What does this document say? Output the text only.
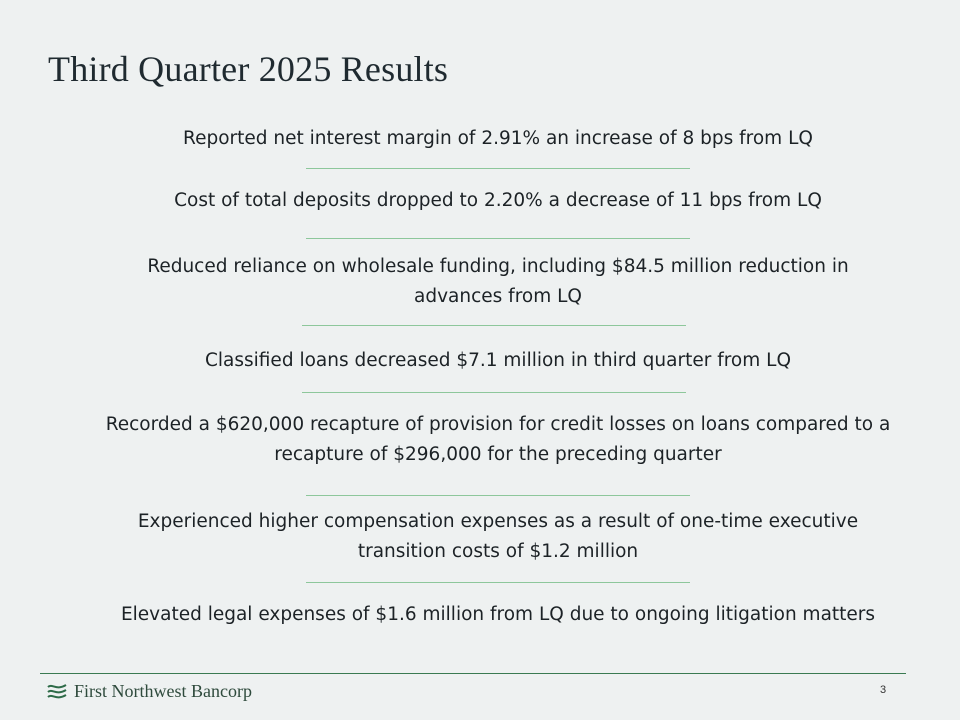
Third Quarter 2025 Results
Reported net interest margin of 2.91% an increase of 8 bps from LQ
Cost of total deposits dropped to 2.20% a decrease of 11 bps from LQ
Reduced reliance on wholesale funding, including $84.5 million reduction in
advances from LQ
Classified loans decreased $7.1 million in third quarter from LQ
Recorded a $620,000 recapture of provision for credit losses on loans compared to a
recapture of $296,000 for the preceding quarter
Experienced higher compensation expenses as a result of one-time executive
transition costs of $1.2 million
Elevated legal expenses of $1.6 million from LQ due to ongoing litigation matters
First Northwest Bancorp	3
